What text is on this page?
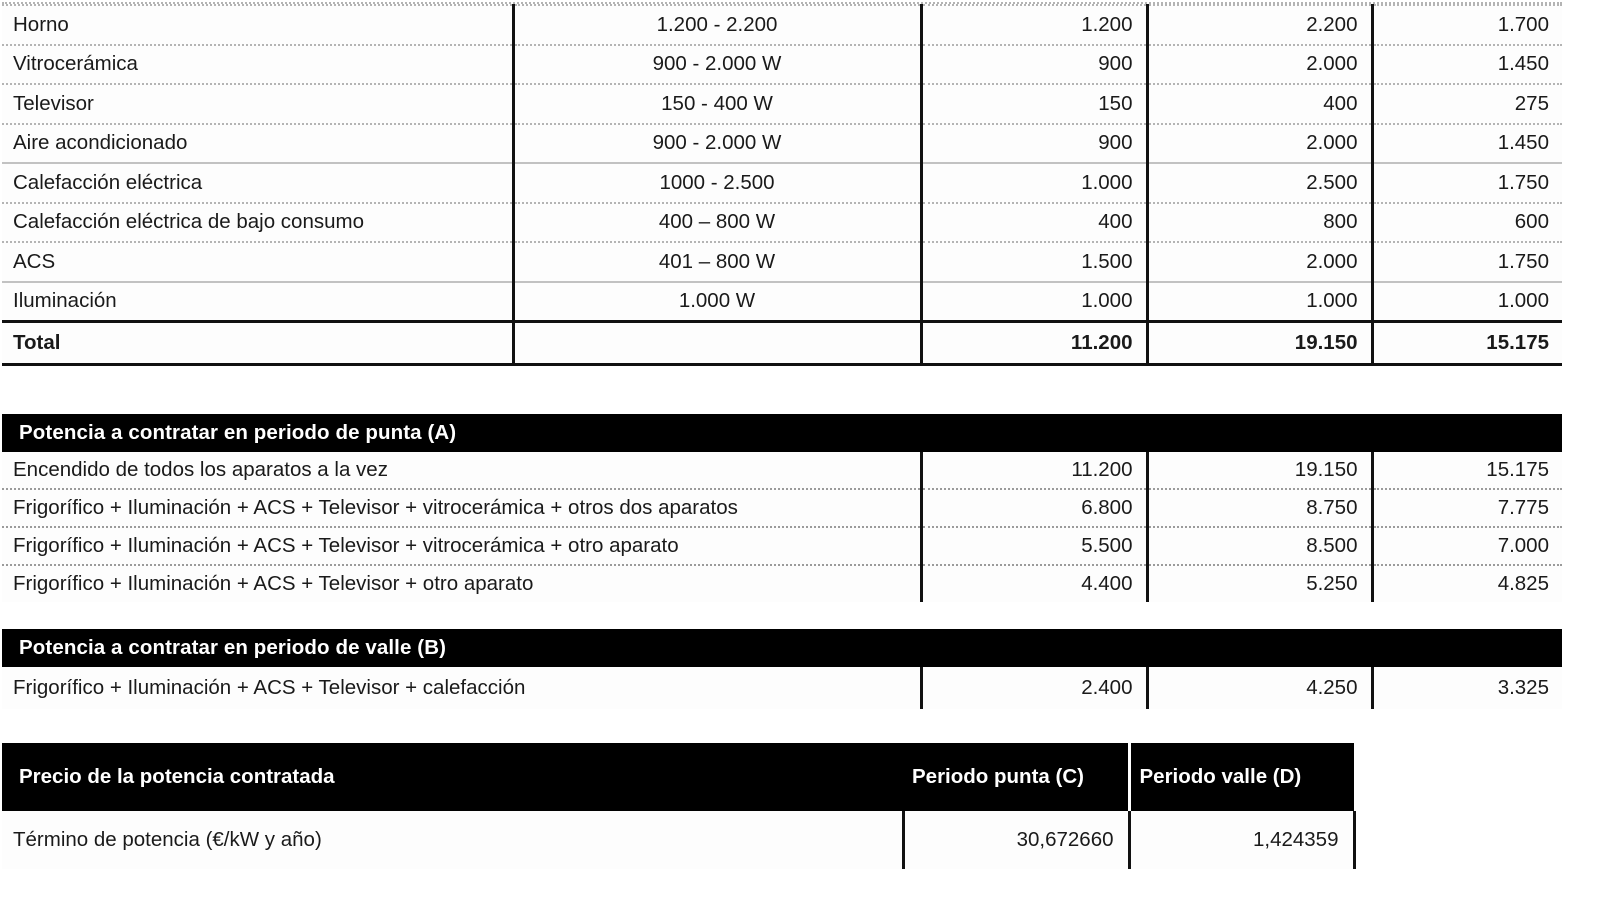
Horno	1.200 - 2.200	1.200	2.200	1.700
Vitrocerámica	900 - 2.000 W	900	2.000	1.450
Televisor	150 - 400 W	150	400	275
Aire acondicionado	900 - 2.000 W	900	2.000	1.450
Calefacción eléctrica	1000 - 2.500	1.000	2.500	1.750
Calefacción eléctrica de bajo consumo	400 – 800 W	400	800	600
ACS	401 – 800 W	1.500	2.000	1.750
Iluminación	1.000 W	1.000	1.000	1.000
Total		11.200	19.150	15.175
Potencia a contratar en periodo de punta (A)
Encendido de todos los aparatos a la vez	11.200	19.150	15.175
Frigorífico + Iluminación + ACS + Televisor + vitrocerámica + otros dos aparatos	6.800	8.750	7.775
Frigorífico + Iluminación + ACS + Televisor + vitrocerámica + otro aparato	5.500	8.500	7.000
Frigorífico + Iluminación + ACS + Televisor + otro aparato	4.400	5.250	4.825
Potencia a contratar en periodo de valle (B)
Frigorífico + Iluminación + ACS + Televisor + calefacción	2.400	4.250	3.325
Precio de la potencia contratada	Periodo punta (C)	Periodo valle (D)
Término de potencia (€/kW y año)	30,672660	1,424359
